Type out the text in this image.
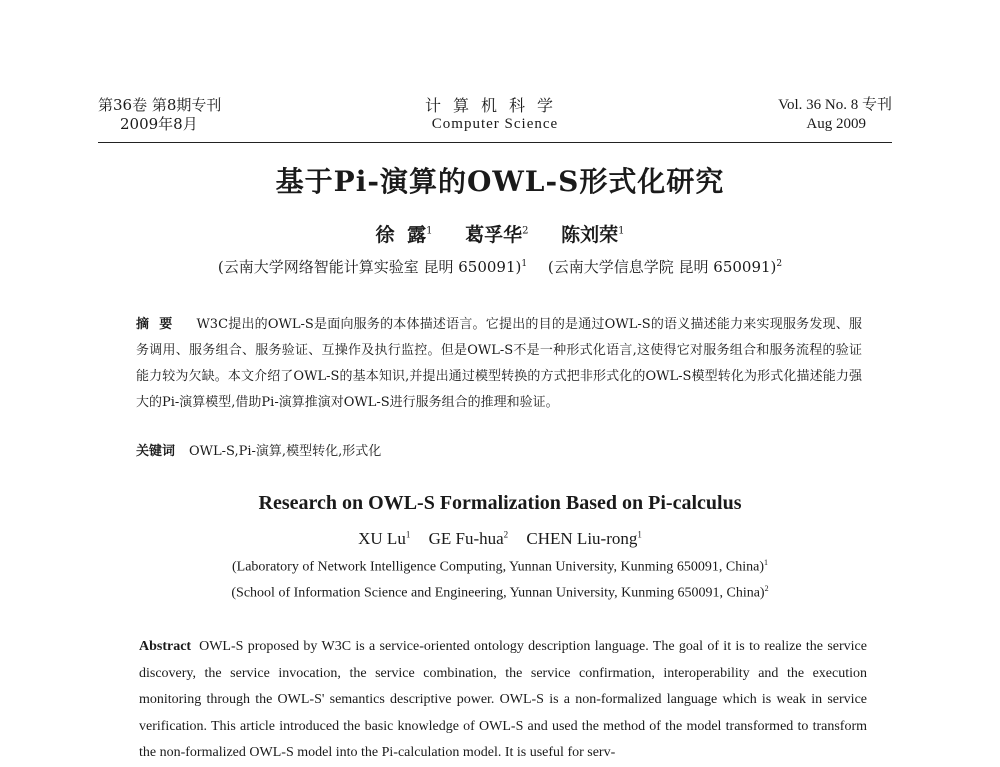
第36卷 第8期专刊
2009年8月
计算机科学
Computer Science
Vol. 36 No. 8 专刊
Aug 2009
基于Pi-演算的OWL-S形式化研究
徐 露$^1$ 葛孚华$^2$ 陈刘荣$^1$
(云南大学网络智能计算实验室 昆明 650091)$^1$ (云南大学信息学院 昆明 650091)$^2$
摘要 W3C提出的OWL-S是面向服务的本体描述语言。它提出的目的是通过OWL-S的语义描述能力来实现服务发现、服务调用、服务组合、服务验证、互操作及执行监控。但是OWL-S不是一种形式化语言,这使得它对服务组合和服务流程的验证能力较为欠缺。本文介绍了OWL-S的基本知识,并提出通过模型转换的方式把非形式化的OWL-S模型转化为形式化描述能力强大的Pi-演算模型,借助Pi-演算推演对OWL-S进行服务组合的推理和验证。
关键词 OWL-S,Pi-演算,模型转化,形式化
Research on OWL-S Formalization Based on Pi-calculus
XU Lu$^1$ GE Fu-hua$^2$ CHEN Liu-rong$^1$
(Laboratory of Network Intelligence Computing, Yunnan University, Kunming 650091, China)$^1$
(School of Information Science and Engineering, Yunnan University, Kunming 650091, China)$^2$
Abstract OWL-S proposed by W3C is a service-oriented ontology description language. The goal of it is to realize the service discovery, the service invocation, the service combination, the service confirmation, interoperability and the execution monitoring through the OWL-S' semantics descriptive power. OWL-S is a non-formalized language which is weak in service verification. This article introduced the basic knowledge of OWL-S and used the method of the model transformed to transform the non-formalized OWL-S model into the Pi-calculation model. It is useful for serv-
